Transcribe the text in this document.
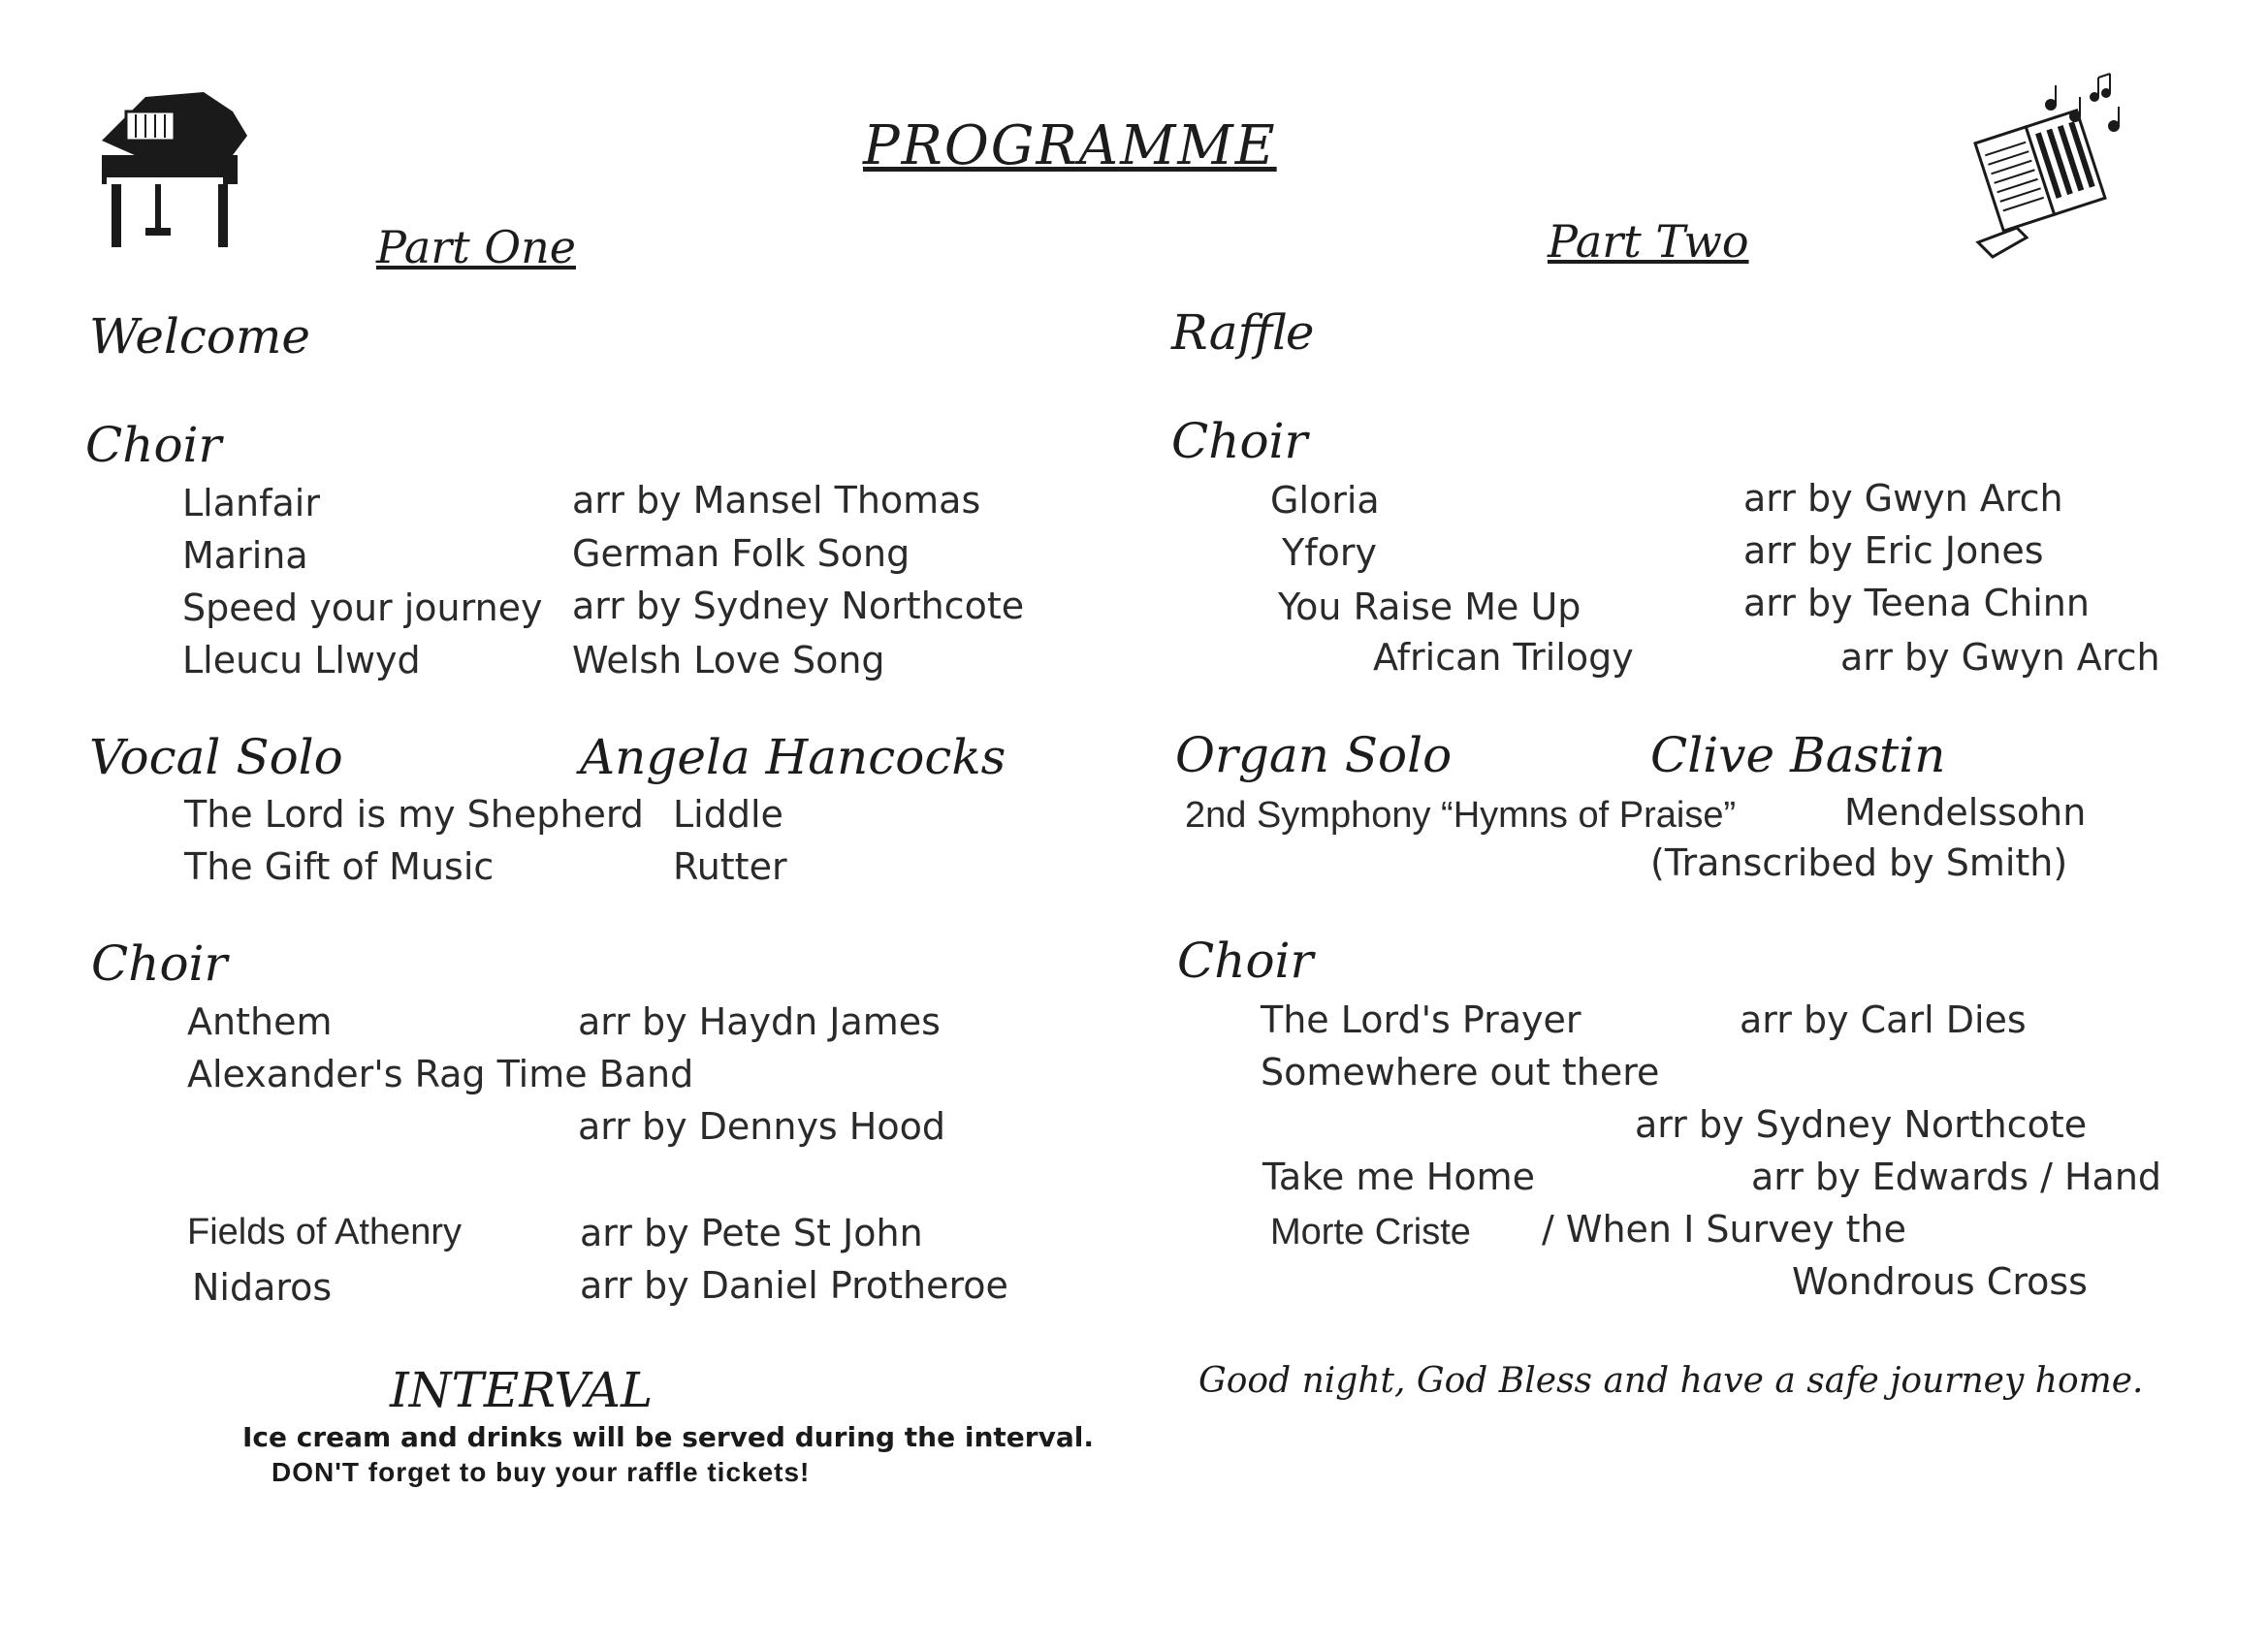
PROGRAMME
Part One
Welcome
Choir
Llanfair	arr by Mansel Thomas
Marina	German Folk Song
Speed your journey arr by Sydney Northcote
Lleucu Llwyd	Welsh Love Song
Vocal Solo	Angela Hancocks
The Lord is my Shepherd Liddle
The Gift of Music	Rutter
Choir
Anthem	arr by Haydn James
Alexander's Rag Time Band
arr by Dennys Hood
Fields of Athenry	arr by Pete St John
Nidaros	arr by Daniel Protheroe
INTERVAL
Ice cream and drinks will be served during the interval.
DON'T forget to buy your raffle tickets!
Part Two
Raffle
Choir
Gloria	arr by Gwyn Arch
Yfory	arr by Eric Jones
You Raise Me Up	arr by Teena Chinn
African Trilogy	arr by Gwyn Arch
Organ Solo	Clive Bastin
2nd Symphony “Hymns of Praise”	Mendelssohn
(Transcribed by Smith)
Choir
The Lord's Prayer	arr by Carl Dies
Somewhere out there
arr by Sydney Northcote
Take me Home	arr by Edwards / Hand
Morte Criste / When I Survey the
Wondrous Cross
Good night, God Bless and have a safe journey home.
